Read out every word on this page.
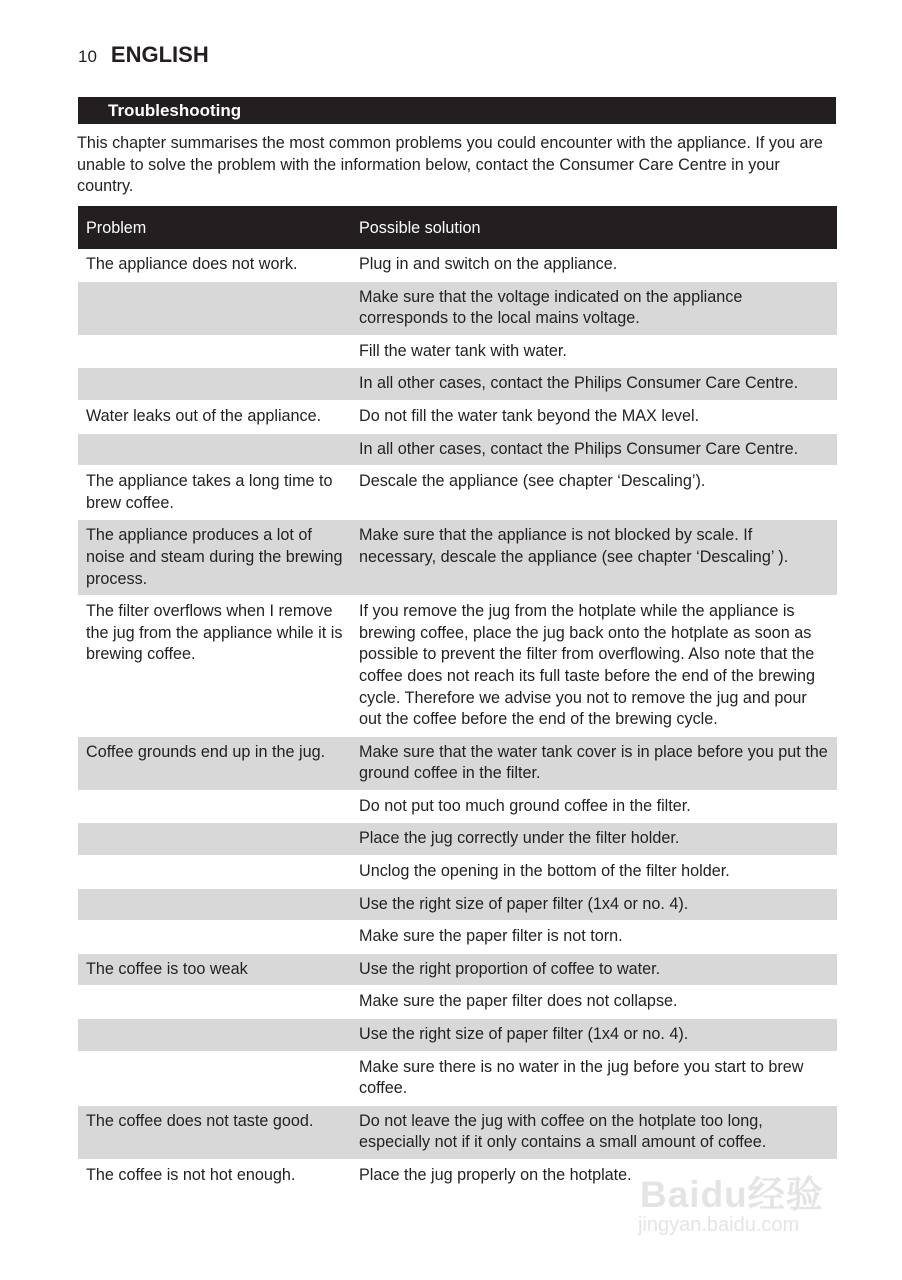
10 ENGLISH
Troubleshooting

This chapter summarises the most common problems you could encounter with the appliance. If you are unable to solve the problem with the information below, contact the Consumer Care Centre in your country.

Problem	Possible solution
The appliance does not work.	Plug in and switch on the appliance.
	Make sure that the voltage indicated on the appliance corresponds to the local mains voltage.
	Fill the water tank with water.
	In all other cases, contact the Philips Consumer Care Centre.
Water leaks out of the appliance.	Do not fill the water tank beyond the MAX level.
	In all other cases, contact the Philips Consumer Care Centre.
The appliance takes a long time to brew coffee.	Descale the appliance (see chapter ‘Descaling’).
The appliance produces a lot of noise and steam during the brewing process.	Make sure that the appliance is not blocked by scale. If necessary, descale the appliance (see chapter ‘Descaling’ ).
The filter overflows when I remove the jug from the appliance while it is brewing coffee.	If you remove the jug from the hotplate while the appliance is brewing coffee, place the jug back onto the hotplate as soon as possible to prevent the filter from overflowing. Also note that the coffee does not reach its full taste before the end of the brewing cycle. Therefore we advise you not to remove the jug and pour out the coffee before the end of the brewing cycle.
Coffee grounds end up in the jug.	Make sure that the water tank cover is in place before you put the ground coffee in the filter.
	Do not put too much ground coffee in the filter.
	Place the jug correctly under the filter holder.
	Unclog the opening in the bottom of the filter holder.
	Use the right size of paper filter (1x4 or no. 4).
	Make sure the paper filter is not torn.
The coffee is too weak	Use the right proportion of coffee to water.
	Make sure the paper filter does not collapse.
	Use the right size of paper filter (1x4 or no. 4).
	Make sure there is no water in the jug before you start to brew coffee.
The coffee does not taste good.	Do not leave the jug with coffee on the hotplate too long, especially not if it only contains a small amount of coffee.
The coffee is not hot enough.	Place the jug properly on the hotplate. Baidu经验
jingyan.baidu.com
